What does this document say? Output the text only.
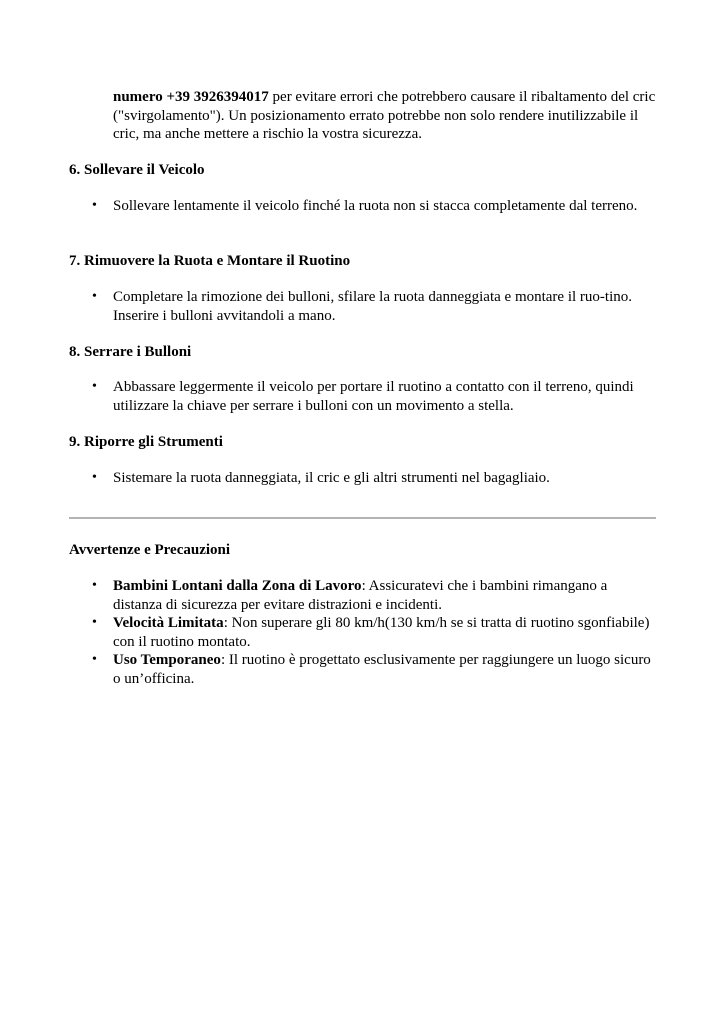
numero +39 3926394017 per evitare errori che potrebbero causare il ribaltamento del cric ("svirgolamento"). Un posizionamento errato potrebbe non solo rendere inutilizzabile il cric, ma anche mettere a rischio la vostra sicurezza.
6. Sollevare il Veicolo
• Sollevare lentamente il veicolo finché la ruota non si stacca completamente dal terreno.
7. Rimuovere la Ruota e Montare il Ruotino
• Completare la rimozione dei bulloni, sfilare la ruota danneggiata e montare il ruo-tino. Inserire i bulloni avvitandoli a mano.
8. Serrare i Bulloni
• Abbassare leggermente il veicolo per portare il ruotino a contatto con il terreno, quindi utilizzare la chiave per serrare i bulloni con un movimento a stella.
9. Riporre gli Strumenti
• Sistemare la ruota danneggiata, il cric e gli altri strumenti nel bagagliaio.
Avvertenze e Precauzioni
• Bambini Lontani dalla Zona di Lavoro: Assicuratevi che i bambini rimangano a distanza di sicurezza per evitare distrazioni e incidenti.
• Velocità Limitata: Non superare gli 80 km/h(130 km/h se si tratta di ruotino sgonfiabile) con il ruotino montato.
• Uso Temporaneo: Il ruotino è progettato esclusivamente per raggiungere un luogo sicuro o un’officina.
